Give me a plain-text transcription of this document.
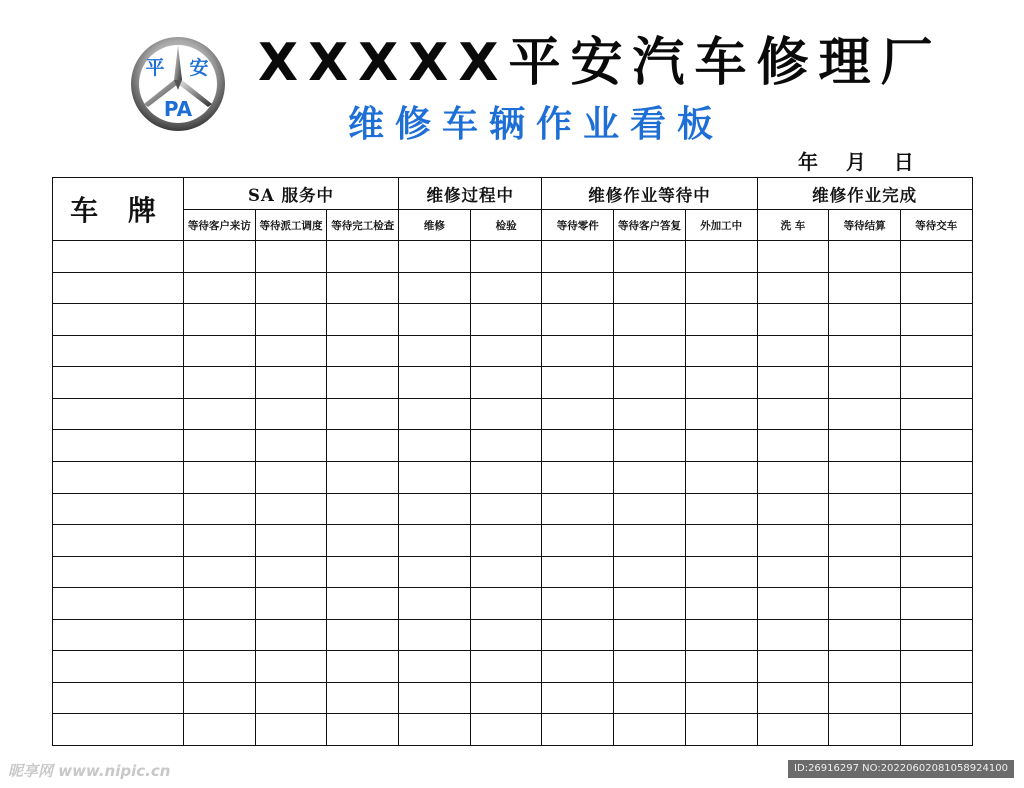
平 安
PA
XXXXX平安汽车修理厂
维修车辆作业看板
年    月    日
车 牌	SA 服务中			维修过程中		维修作业等待中			维修作业完成		
	等待客户来访	等待派工调度	等待完工检查	维修	检验	等待零件	等待客户答复	外加工中	洗 车	等待结算	等待交车

昵享网 www.nipic.cn	ID:26916297 NO:20220602081058924100
